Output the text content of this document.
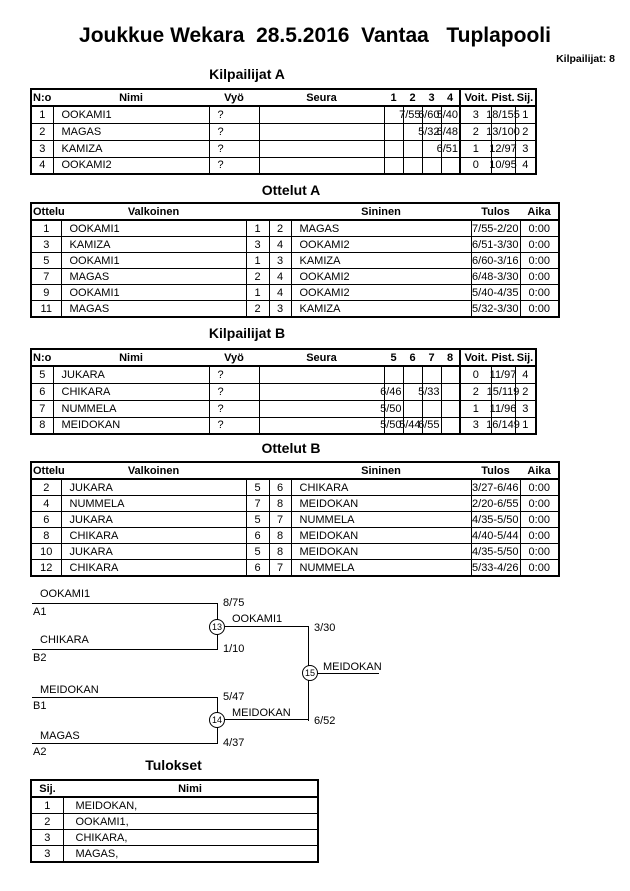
Joukkue Wekara  28.5.2016  Vantaa   Tuplapooli
Kilpailijat: 8
Kilpailijat A
N:o	Nimi	Vyö	Seura	1	2	3	4	Voit.	Pist.	Sij.
1	OOKAMI1	?			7/55	6/60	5/40	3	18/155	1
2	MAGAS	?				5/32	6/48	2	13/100	2
3	KAMIZA	?					6/51	1	12/97	3
4	OOKAMI2	?						0	10/95	4
Ottelut A
Ottelu	Valkoinen			Sininen	Tulos	Aika
1	OOKAMI1	1	2	MAGAS	7/55-2/20	0:00
3	KAMIZA	3	4	OOKAMI2	6/51-3/30	0:00
5	OOKAMI1	1	3	KAMIZA	6/60-3/16	0:00
7	MAGAS	2	4	OOKAMI2	6/48-3/30	0:00
9	OOKAMI1	1	4	OOKAMI2	5/40-4/35	0:00
11	MAGAS	2	3	KAMIZA	5/32-3/30	0:00
Kilpailijat B
N:o	Nimi	Vyö	Seura	5	6	7	8	Voit.	Pist.	Sij.
5	JUKARA	?						0	11/97	4
6	CHIKARA	?		6/46		5/33		2	15/119	2
7	NUMMELA	?		5/50				1	11/96	3
8	MEIDOKAN	?		5/50	5/44	6/55		3	16/149	1
Ottelut B
Ottelu	Valkoinen			Sininen	Tulos	Aika
2	JUKARA	5	6	CHIKARA	3/27-6/46	0:00
4	NUMMELA	7	8	MEIDOKAN	2/20-6/55	0:00
6	JUKARA	5	7	NUMMELA	4/35-5/50	0:00
8	CHIKARA	6	8	MEIDOKAN	4/40-5/44	0:00
10	JUKARA	5	8	MEIDOKAN	4/35-5/50	0:00
12	CHIKARA	6	7	NUMMELA	5/33-4/26	0:00
OOKAMI1
A1
CHIKARA
B2
8/75
1/10
OOKAMI1
3/30
13
MEIDOKAN
B1
MAGAS
A2
5/47
4/37
MEIDOKAN
6/52
14
MEIDOKAN
15
Tulokset
Sij.	Nimi
1	MEIDOKAN,
2	OOKAMI1,
3	CHIKARA,
3	MAGAS,
